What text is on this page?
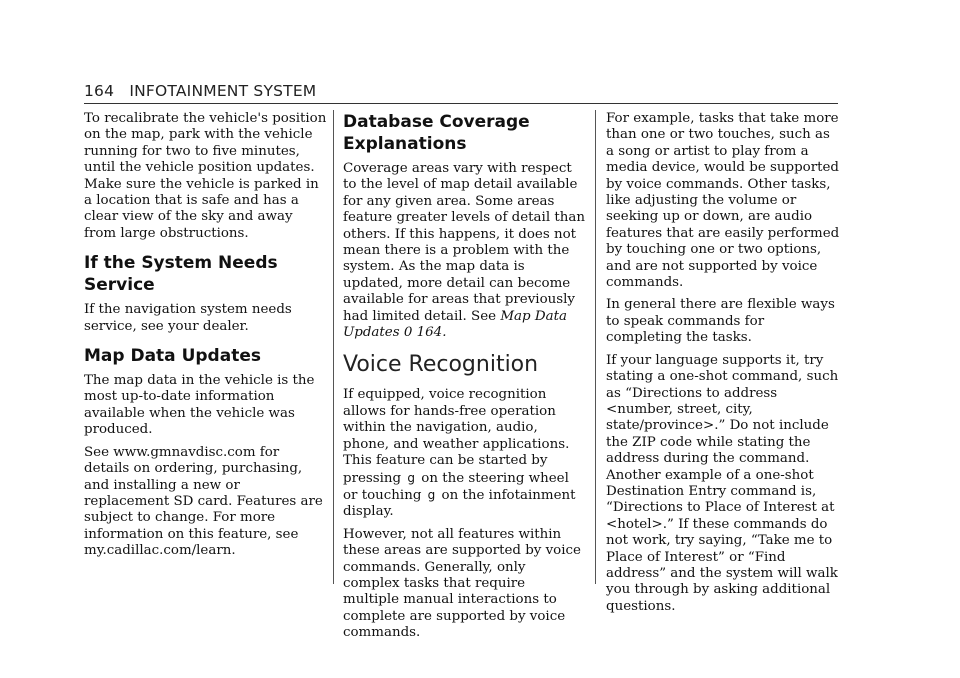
164 INFOTAINMENT SYSTEM

To recalibrate the vehicle's position on the map, park with the vehicle running for two to five minutes, until the vehicle position updates. Make sure the vehicle is parked in a location that is safe and has a clear view of the sky and away from large obstructions.

If the System Needs Service

If the navigation system needs service, see your dealer.

Map Data Updates

The map data in the vehicle is the most up-to-date information available when the vehicle was produced.

See www.gmnavdisc.com for details on ordering, purchasing, and installing a new or replacement SD card. Features are subject to change. For more information on this feature, see my.cadillac.com/learn.

Database Coverage Explanations

Coverage areas vary with respect to the level of map detail available for any given area. Some areas feature greater levels of detail than others. If this happens, it does not mean there is a problem with the system. As the map data is updated, more detail can become available for areas that previously had limited detail. See Map Data Updates 0 164.

Voice Recognition

If equipped, voice recognition allows for hands-free operation within the navigation, audio, phone, and weather applications. This feature can be started by pressing g on the steering wheel or touching g on the infotainment display.

However, not all features within these areas are supported by voice commands. Generally, only complex tasks that require multiple manual interactions to complete are supported by voice commands.

For example, tasks that take more than one or two touches, such as a song or artist to play from a media device, would be supported by voice commands. Other tasks, like adjusting the volume or seeking up or down, are audio features that are easily performed by touching one or two options, and are not supported by voice commands.

In general there are flexible ways to speak commands for completing the tasks.

If your language supports it, try stating a one-shot command, such as “Directions to address <number, street, city, state/province>.” Do not include the ZIP code while stating the address during the command. Another example of a one-shot Destination Entry command is, “Directions to Place of Interest at <hotel>.” If these commands do not work, try saying, “Take me to Place of Interest” or “Find address” and the system will walk you through by asking additional questions.
